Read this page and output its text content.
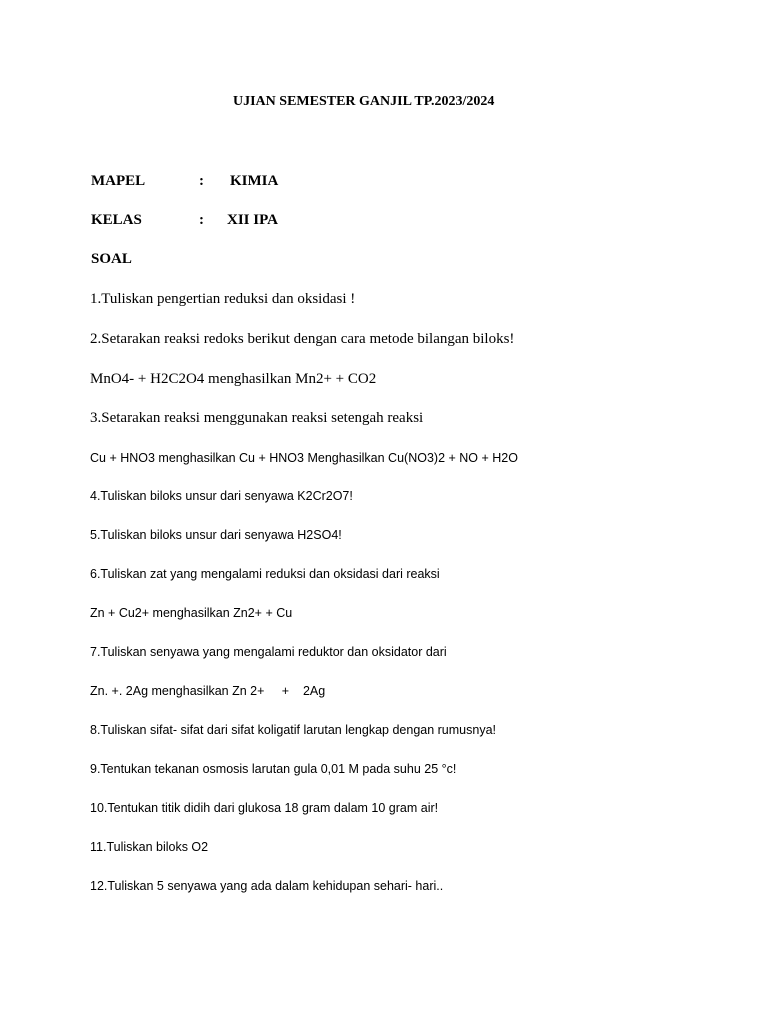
UJIAN SEMESTER GANJIL TP.2023/2024
MAPEL	: KIMIA
KELAS	: XII IPA
SOAL
1.Tuliskan pengertian reduksi dan oksidasi !
2.Setarakan reaksi redoks berikut dengan cara metode bilangan biloks!
MnO4- + H2C2O4 menghasilkan Mn2+ + CO2
3.Setarakan reaksi menggunakan reaksi setengah reaksi
Cu + HNO3 menghasilkan Cu + HNO3 Menghasilkan Cu(NO3)2 + NO + H2O
4.Tuliskan biloks unsur dari senyawa K2Cr2O7!
5.Tuliskan biloks unsur dari senyawa H2SO4!
6.Tuliskan zat yang mengalami reduksi dan oksidasi dari reaksi
Zn + Cu2+ menghasilkan Zn2+ + Cu
7.Tuliskan senyawa yang mengalami reduktor dan oksidator dari
Zn. +. 2Ag menghasilkan Zn 2+     +    2Ag
8.Tuliskan sifat- sifat dari sifat koligatif larutan lengkap dengan rumusnya!
9.Tentukan tekanan osmosis larutan gula 0,01 M pada suhu 25 °c!
10.Tentukan titik didih dari glukosa 18 gram dalam 10 gram air!
11.Tuliskan biloks O2
12.Tuliskan 5 senyawa yang ada dalam kehidupan sehari- hari..
